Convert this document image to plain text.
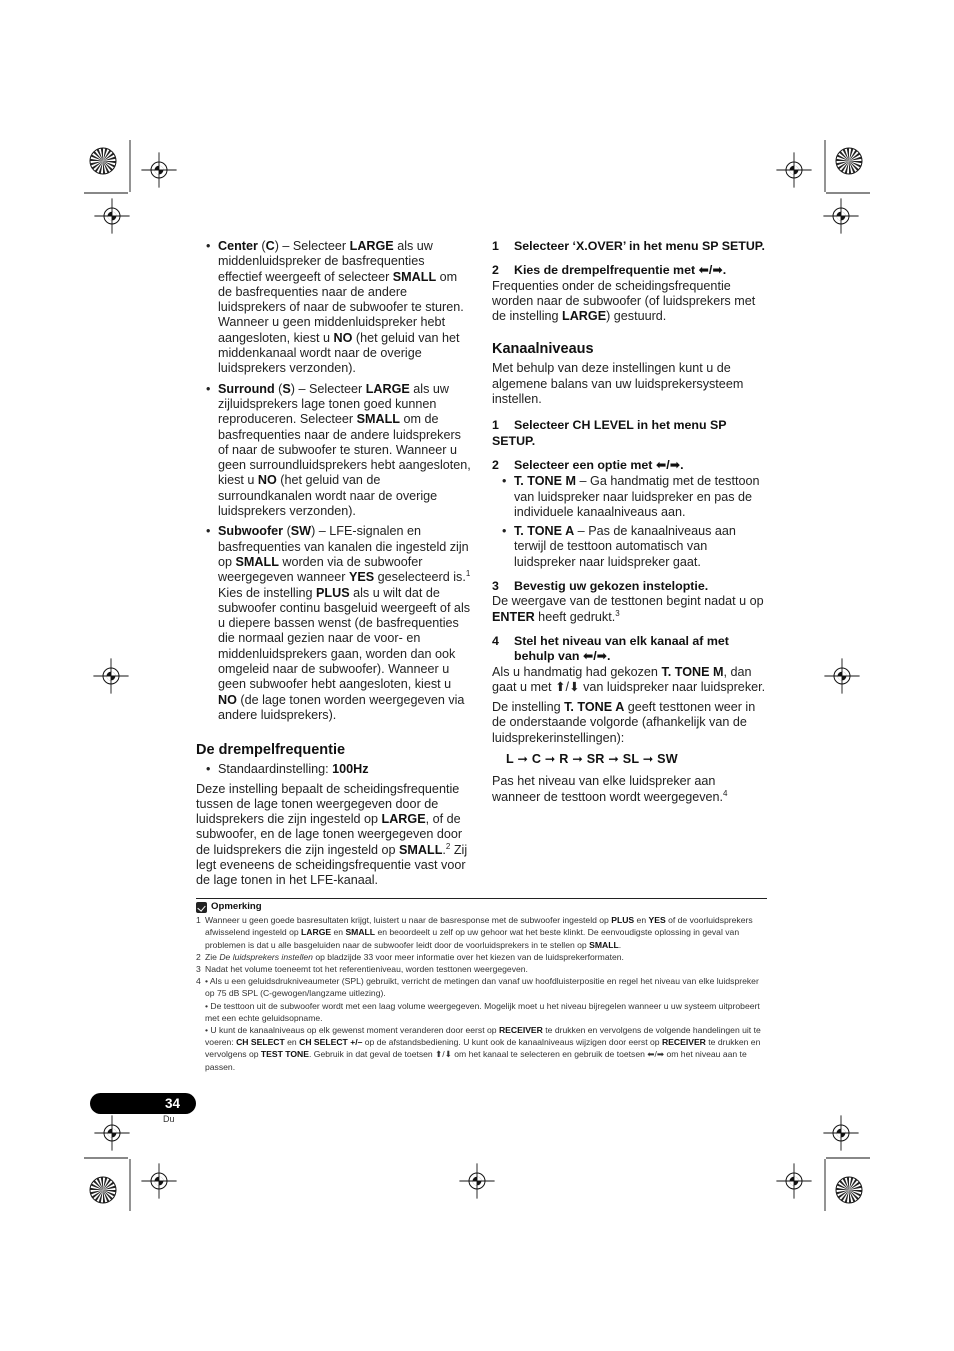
• Center (C) – Selecteer LARGE als uw middenluidspreker de basfrequenties effectief weergeeft of selecteer SMALL om de basfrequenties naar de andere luidsprekers of naar de subwoofer te sturen. Wanneer u geen middenluidspreker hebt aangesloten, kiest u NO (het geluid van het middenkanaal wordt naar de overige luidsprekers verzonden).
• Surround (S) – Selecteer LARGE als uw zijluidsprekers lage tonen goed kunnen reproduceren. Selecteer SMALL om de basfrequenties naar de andere luidsprekers of naar de subwoofer te sturen. Wanneer u geen surroundluidsprekers hebt aangesloten, kiest u NO (het geluid van de surroundkanalen wordt naar de overige luidsprekers verzonden).
• Subwoofer (SW) – LFE-signalen en basfrequenties van kanalen die ingesteld zijn op SMALL worden via de subwoofer weergegeven wanneer YES geselecteerd is.$^1$ Kies de instelling PLUS als u wilt dat de subwoofer continu basgeluid weergeeft of als u diepere bassen wenst (de basfrequenties die normaal gezien naar de voor- en middenluidsprekers gaan, worden dan ook omgeleid naar de subwoofer). Wanneer u geen subwoofer hebt aangesloten, kiest u NO (de lage tonen worden weergegeven via andere luidsprekers).
De drempelfrequentie
• Standaardinstelling: 100Hz

Deze instelling bepaalt de scheidingsfrequentie tussen de lage tonen weergegeven door de luidsprekers die zijn ingesteld op LARGE, of de subwoofer, en de lage tonen weergegeven door de luidsprekers die zijn ingesteld op SMALL.$^2$ Zij legt eveneens de scheidingsfrequentie vast voor de lage tonen in het LFE-kanaal.

1 Selecteer ‘X.OVER’ in het menu SP SETUP.
2 Kies de drempelfrequentie met ⬅/➡.

Frequenties onder de scheidingsfrequentie worden naar de subwoofer (of luidsprekers met de instelling LARGE) gestuurd.

Kanaalniveaus

Met behulp van deze instellingen kunt u de algemene balans van uw luidsprekersysteem instellen.

1 Selecteer CH LEVEL in het menu SP SETUP.
2 Selecteer een optie met ⬅/➡.
• T. TONE M – Ga handmatig met de testtoon van luidspreker naar luidspreker en pas de individuele kanaalniveaus aan.
• T. TONE A – Pas de kanaalniveaus aan terwijl de testtoon automatisch van luidspreker naar luidspreker gaat.
3 Bevestig uw gekozen insteloptie.

De weergave van de testtonen begint nadat u op ENTER heeft gedrukt.$^3$

4 Stel het niveau van elk kanaal af met behulp van ⬅/➡.

Als u handmatig had gekozen T. TONE M, dan gaat u met ⬆/⬇ van luidspreker naar luidspreker.

De instelling T. TONE A geeft testtonen weer in de onderstaande volgorde (afhankelijk van de luidsprekerinstellingen):

L ➞ C ➞ R ➞ SR ➞ SL ➞ SW

Pas het niveau van elke luidspreker aan wanneer de testtoon wordt weergegeven.$^4$

Opmerking
1 Wanneer u geen goede basresultaten krijgt, luistert u naar de basresponse met de subwoofer ingesteld op PLUS en YES of de voorluidsprekers afwisselend ingesteld op LARGE en SMALL en beoordeelt u zelf op uw gehoor wat het beste klinkt. De eenvoudigste oplossing in geval van problemen is dat u alle basgeluiden naar de subwoofer leidt door de voorluidsprekers in te stellen op SMALL.
2 Zie De luidsprekers instellen op bladzijde 33 voor meer informatie over het kiezen van de luidsprekerformaten.
3 Nadat het volume toeneemt tot het referentieniveau, worden testtonen weergegeven.
4 • Als u een geluidsdrukniveaumeter (SPL) gebruikt, verricht de metingen dan vanaf uw hoofdluisterpositie en regel het niveau van elke luidspreker op 75 dB SPL (C-gewogen/langzame uitlezing).
• De testtoon uit de subwoofer wordt met een laag volume weergegeven. Mogelijk moet u het niveau bijregelen wanneer u uw systeem uitprobeert met een echte geluidsopname.
• U kunt de kanaalniveaus op elk gewenst moment veranderen door eerst op RECEIVER te drukken en vervolgens de volgende handelingen uit te voeren: CH SELECT en CH SELECT +/– op de afstandsbediening. U kunt ook de kanaalniveaus wijzigen door eerst op RECEIVER te drukken en vervolgens op TEST TONE. Gebruik in dat geval de toetsen ⬆/⬇ om het kanaal te selecteren en gebruik de toetsen ⬅/➡ om het niveau aan te passen.
34
Du
